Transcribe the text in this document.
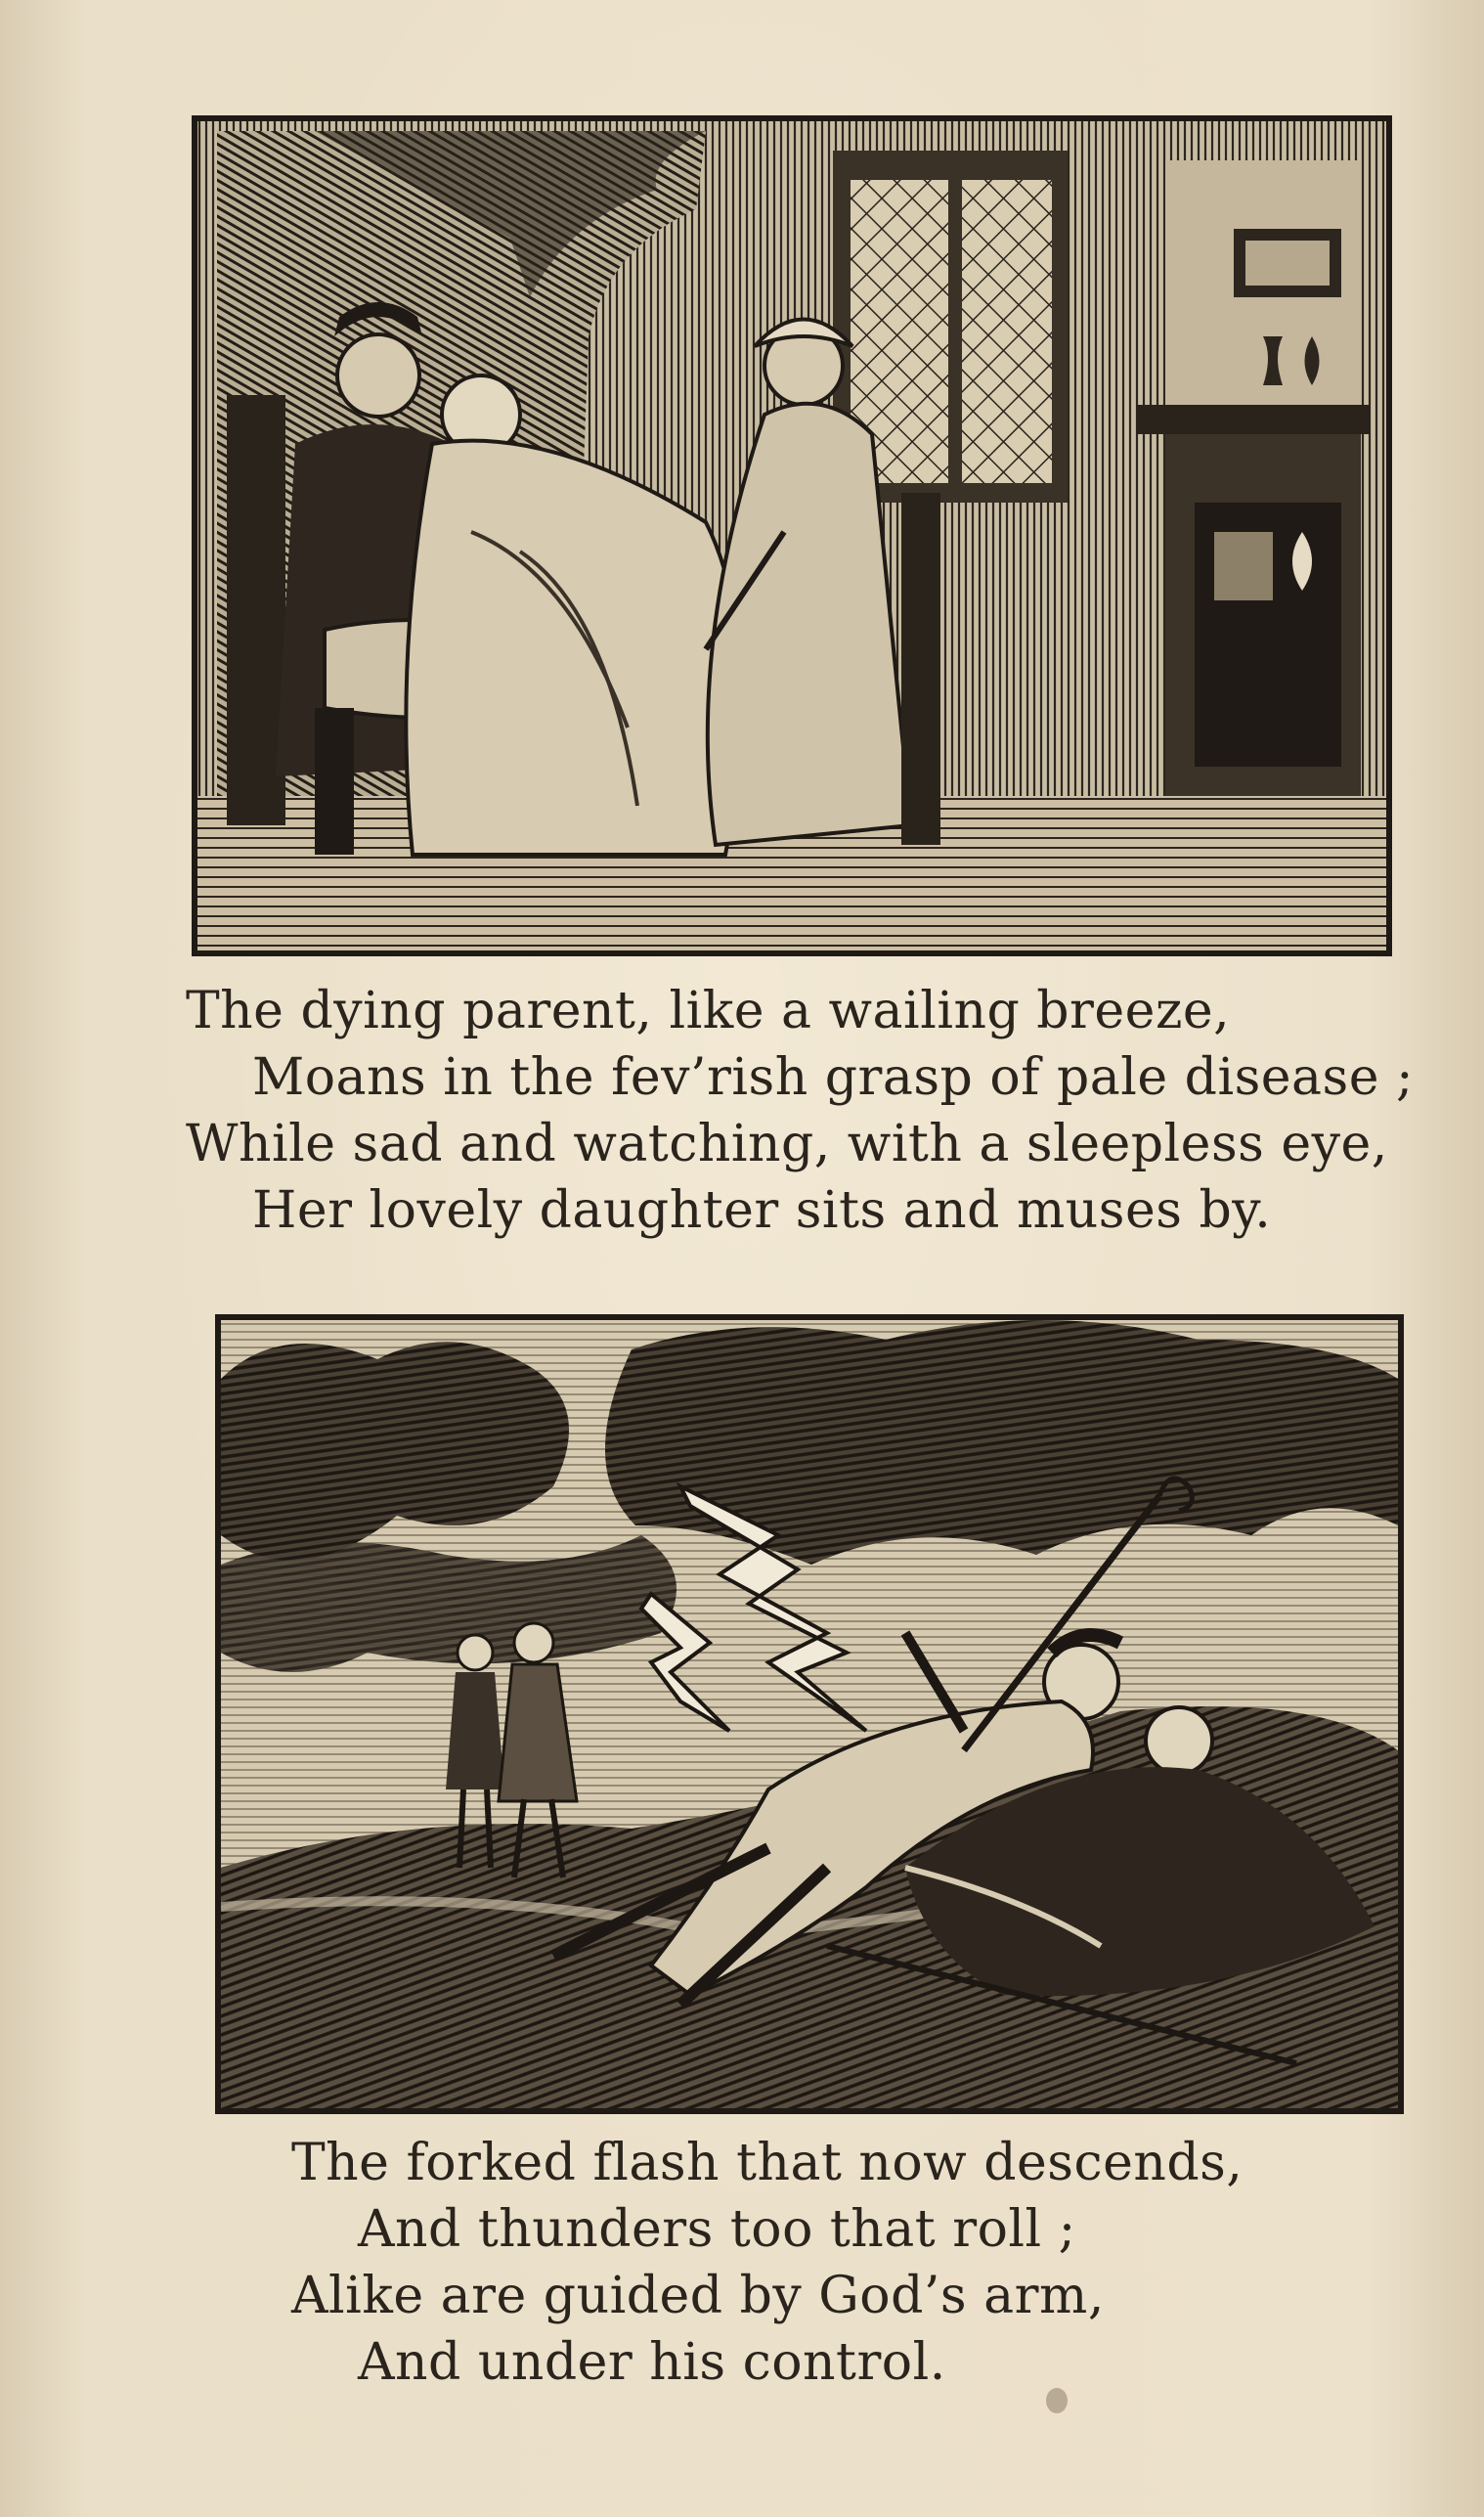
The dying parent, like a wailing breeze,
Moans in the fev’rish grasp of pale disease ;
While sad and watching, with a sleepless eye,
Her lovely daughter sits and muses by.
The forked flash that now descends,
And thunders too that roll ;
Alike are guided by God’s arm,
And under his control.
